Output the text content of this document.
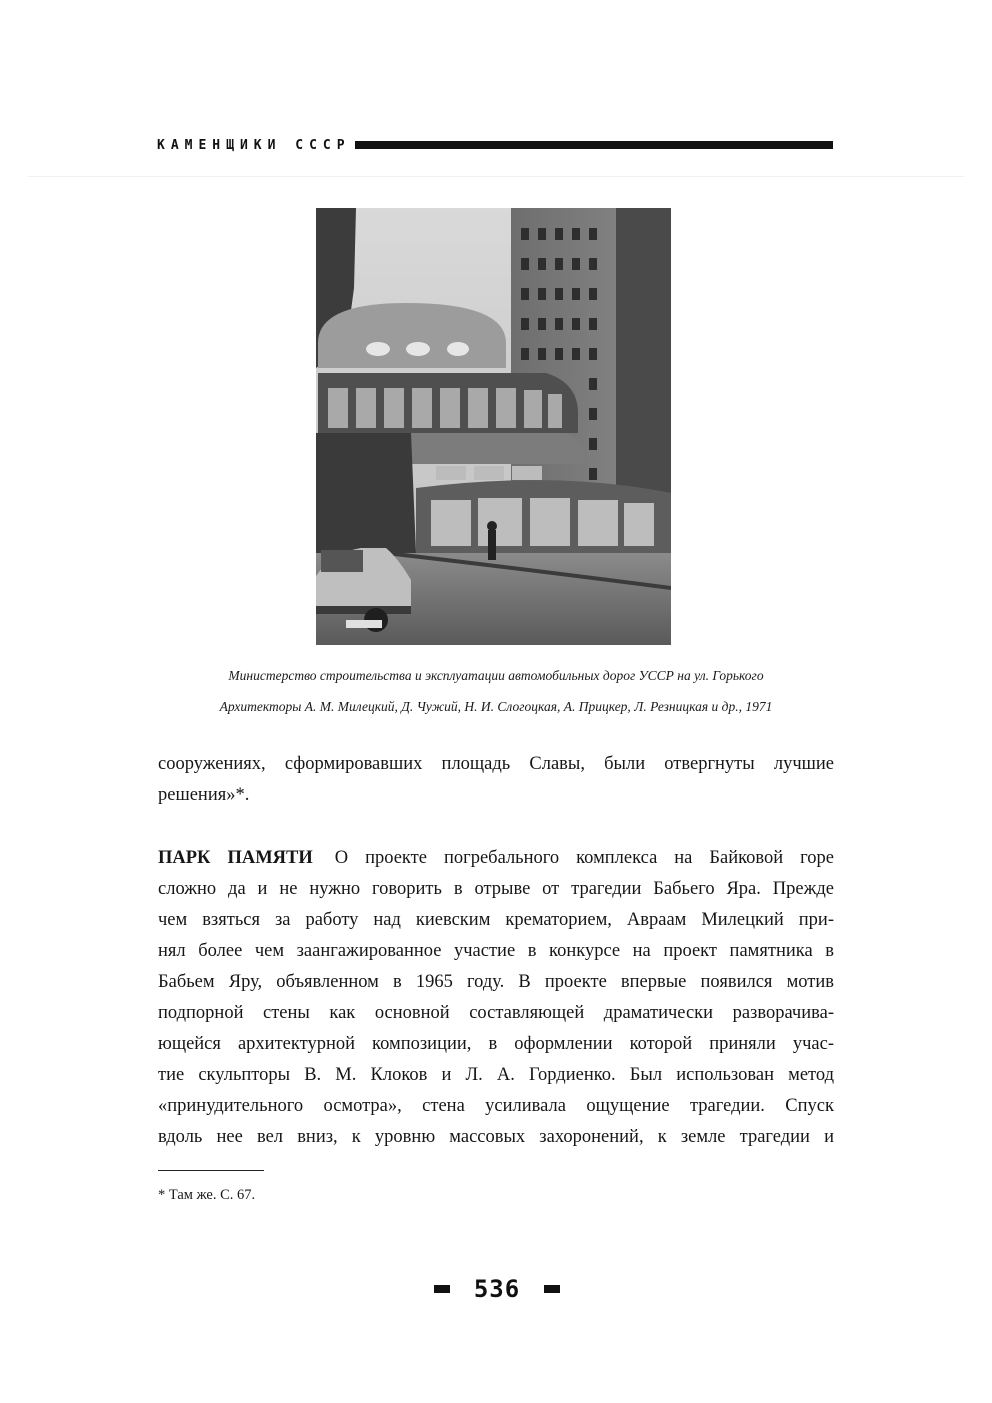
КАМЕНЩИКИ СССР
Министерство строительства и эксплуатации автомобильных дорог УССР на ул. Горького
Архитекторы А. М. Милецкий, Д. Чужий, Н. И. Слогоцкая, А. Прицкер, Л. Резницкая и др., 1971
сооружениях, сформировавших площадь Славы, были отвергнуты лучшие
решения»*.
ПАРК ПАМЯТИ О проекте погребального комплекса на Байковой горе
сложно да и не нужно говорить в отрыве от трагедии Бабьего Яра. Прежде
чем взяться за работу над киевским крематорием, Авраам Милецкий при-
нял более чем заангажированное участие в конкурсе на проект памятника в
Бабьем Яру, объявленном в 1965 году. В проекте впервые появился мотив
подпорной стены как основной составляющей драматически разворачива-
ющейся архитектурной композиции, в оформлении которой приняли учас-
тие скульпторы В. М. Клоков и Л. А. Гордиенко. Был использован метод
«принудительного осмотра», стена усиливала ощущение трагедии. Спуск
вдоль нее вел вниз, к уровню массовых захоронений, к земле трагедии и
* Там же. С. 67.
536
